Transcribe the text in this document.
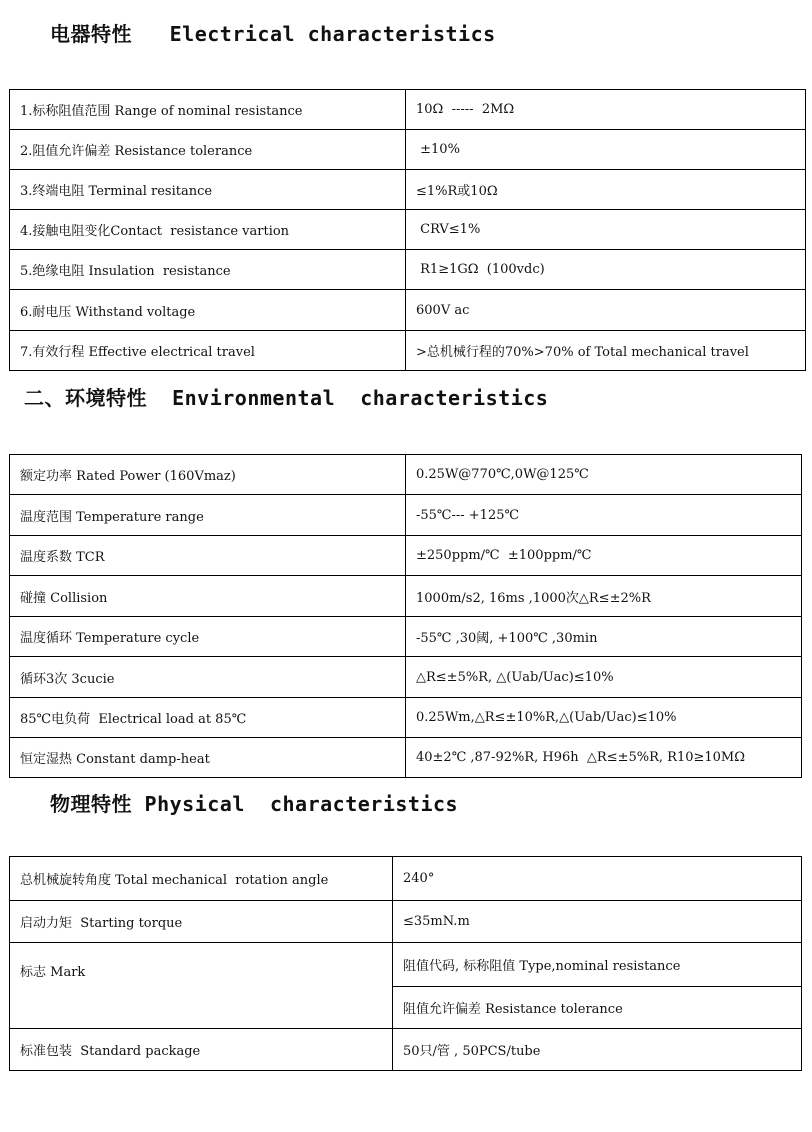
电器特性   Electrical characteristics
1.标称阻值范围 Range of nominal resistance	10Ω  -----  2MΩ
2.阻值允许偏差 Resistance tolerance	±10%
3.终端电阻 Terminal resitance	≤1%R或10Ω
4.接触电阻变化Contact  resistance vartion	CRV≤1%
5.绝缘电阻 Insulation  resistance	R1≥1GΩ  (100vdc)
6.耐电压 Withstand voltage	600V ac
7.有效行程 Effective electrical travel	>总机械行程的70%>70% of Total mechanical travel
二、环境特性  Environmental  characteristics
额定功率 Rated Power (160Vmaz)	0.25W@770℃,0W@125℃
温度范围 Temperature range	-55℃--- +125℃
温度系数 TCR	±250ppm/℃  ±100ppm/℃
碰撞 Collision	1000m/s2, 16ms ,1000次△R≤±2%R
温度循环 Temperature cycle	-55℃ ,30阈, +100℃ ,30min
循环3次 3cucie	△R≤±5%R, △(Uab/Uac)≤10%
85℃电负荷  Electrical load at 85℃	0.25Wm,△R≤±10%R,△(Uab/Uac)≤10%
恒定湿热 Constant damp-heat	40±2℃ ,87-92%R, H96h  △R≤±5%R, R10≥10MΩ
物理特性 Physical  characteristics
总机械旋转角度 Total mechanical  rotation angle	240°
启动力矩  Starting torque	≤35mN.m
标志 Mark	阻值代码, 标称阻值 Type,nominal resistance
	阻值允许偏差 Resistance tolerance
标准包装  Standard package	50只/管 , 50PCS/tube
